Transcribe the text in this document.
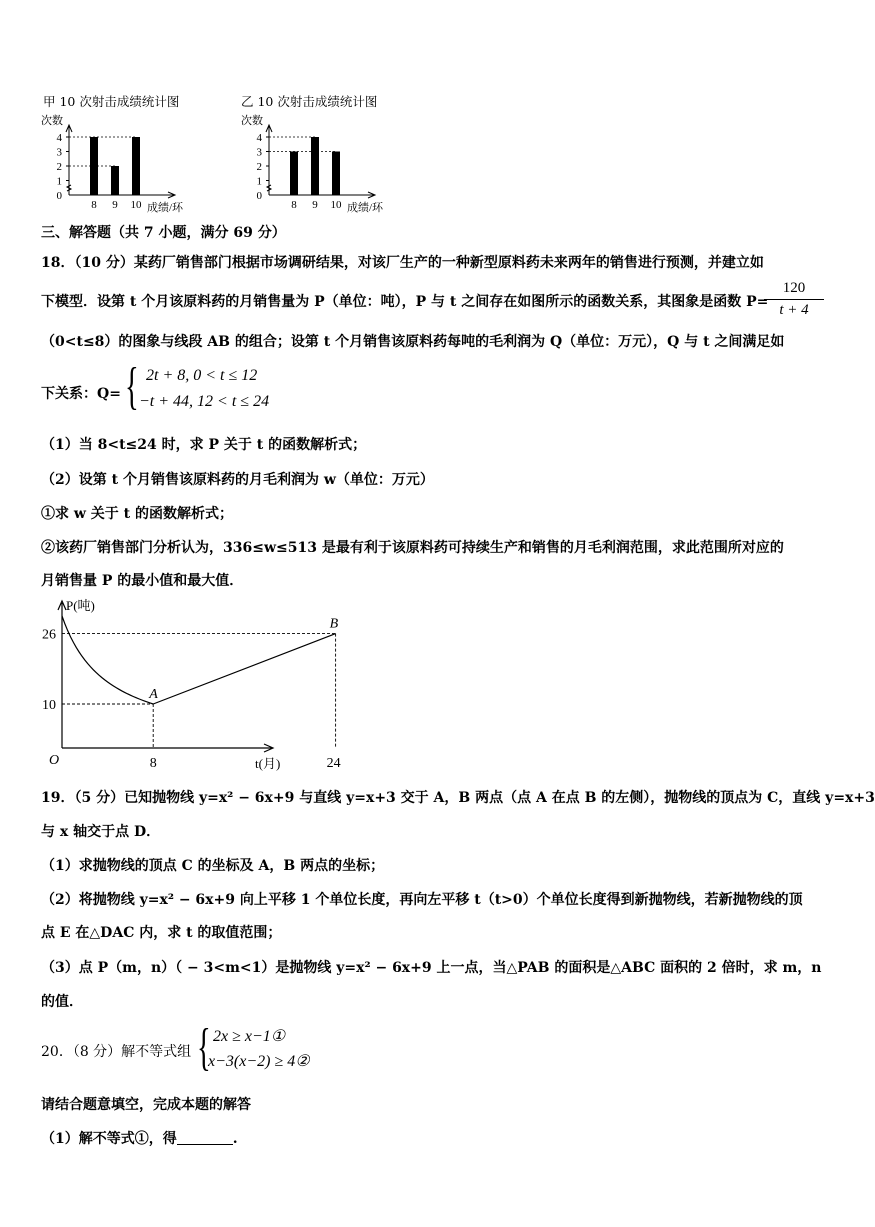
甲 10 次射击成绩统计图	乙 10 次射击成绩统计图
次数
0
1
2
3
4
8 9 10 成绩/环
次数
0
1
2
3
4
8 9 10 成绩/环
三、解答题（共 7 小题，满分 69 分）
18．（10 分）某药厂销售部门根据市场调研结果，对该厂生产的一种新型原料药未来两年的销售进行预测，并建立如
下模型．设第 t 个月该原料药的月销售量为 P（单位：吨），P 与 t 之间存在如图所示的函数关系，其图象是函数 P=
$\frac{120}{t + 4}$
（0<t≤8）的图象与线段 AB 的组合；设第 t 个月销售该原料药每吨的毛利润为 Q（单位：万元），Q 与 t 之间满足如
下关系：Q= { 2t + 8, 0 < t ≤ 12
−t + 44, 12 < t ≤ 24
（1）当 8<t≤24 时，求 P 关于 t 的函数解析式；
（2）设第 t 个月销售该原料药的月毛利润为 w（单位：万元）
①求 w 关于 t 的函数解析式；
②该药厂销售部门分析认为，336≤w≤513 是最有利于该原料药可持续生产和销售的月毛利润范围，求此范围所对应的
月销售量 P 的最小值和最大值．
P(吨)
t(月)
O
26
10
8	24
A
B
19．（5 分）已知抛物线 y=x² − 6x+9 与直线 y=x+3 交于 A，B 两点（点 A 在点 B 的左侧），抛物线的顶点为 C，直线 y=x+3
与 x 轴交于点 D．
（1）求抛物线的顶点 C 的坐标及 A，B 两点的坐标；
（2）将抛物线 y=x² − 6x+9 向上平移 1 个单位长度，再向左平移 t（t>0）个单位长度得到新抛物线，若新抛物线的顶
点 E 在△DAC 内，求 t 的取值范围；
（3）点 P（m，n）（ − 3<m<1）是抛物线 y=x² − 6x+9 上一点，当△PAB 的面积是△ABC 面积的 2 倍时，求 m，n
的值．
20．（8 分）解不等式组 { 2x ≥ x−1①
x−3(x−2) ≥ 4②
请结合题意填空，完成本题的解答
（1）解不等式①，得	.
